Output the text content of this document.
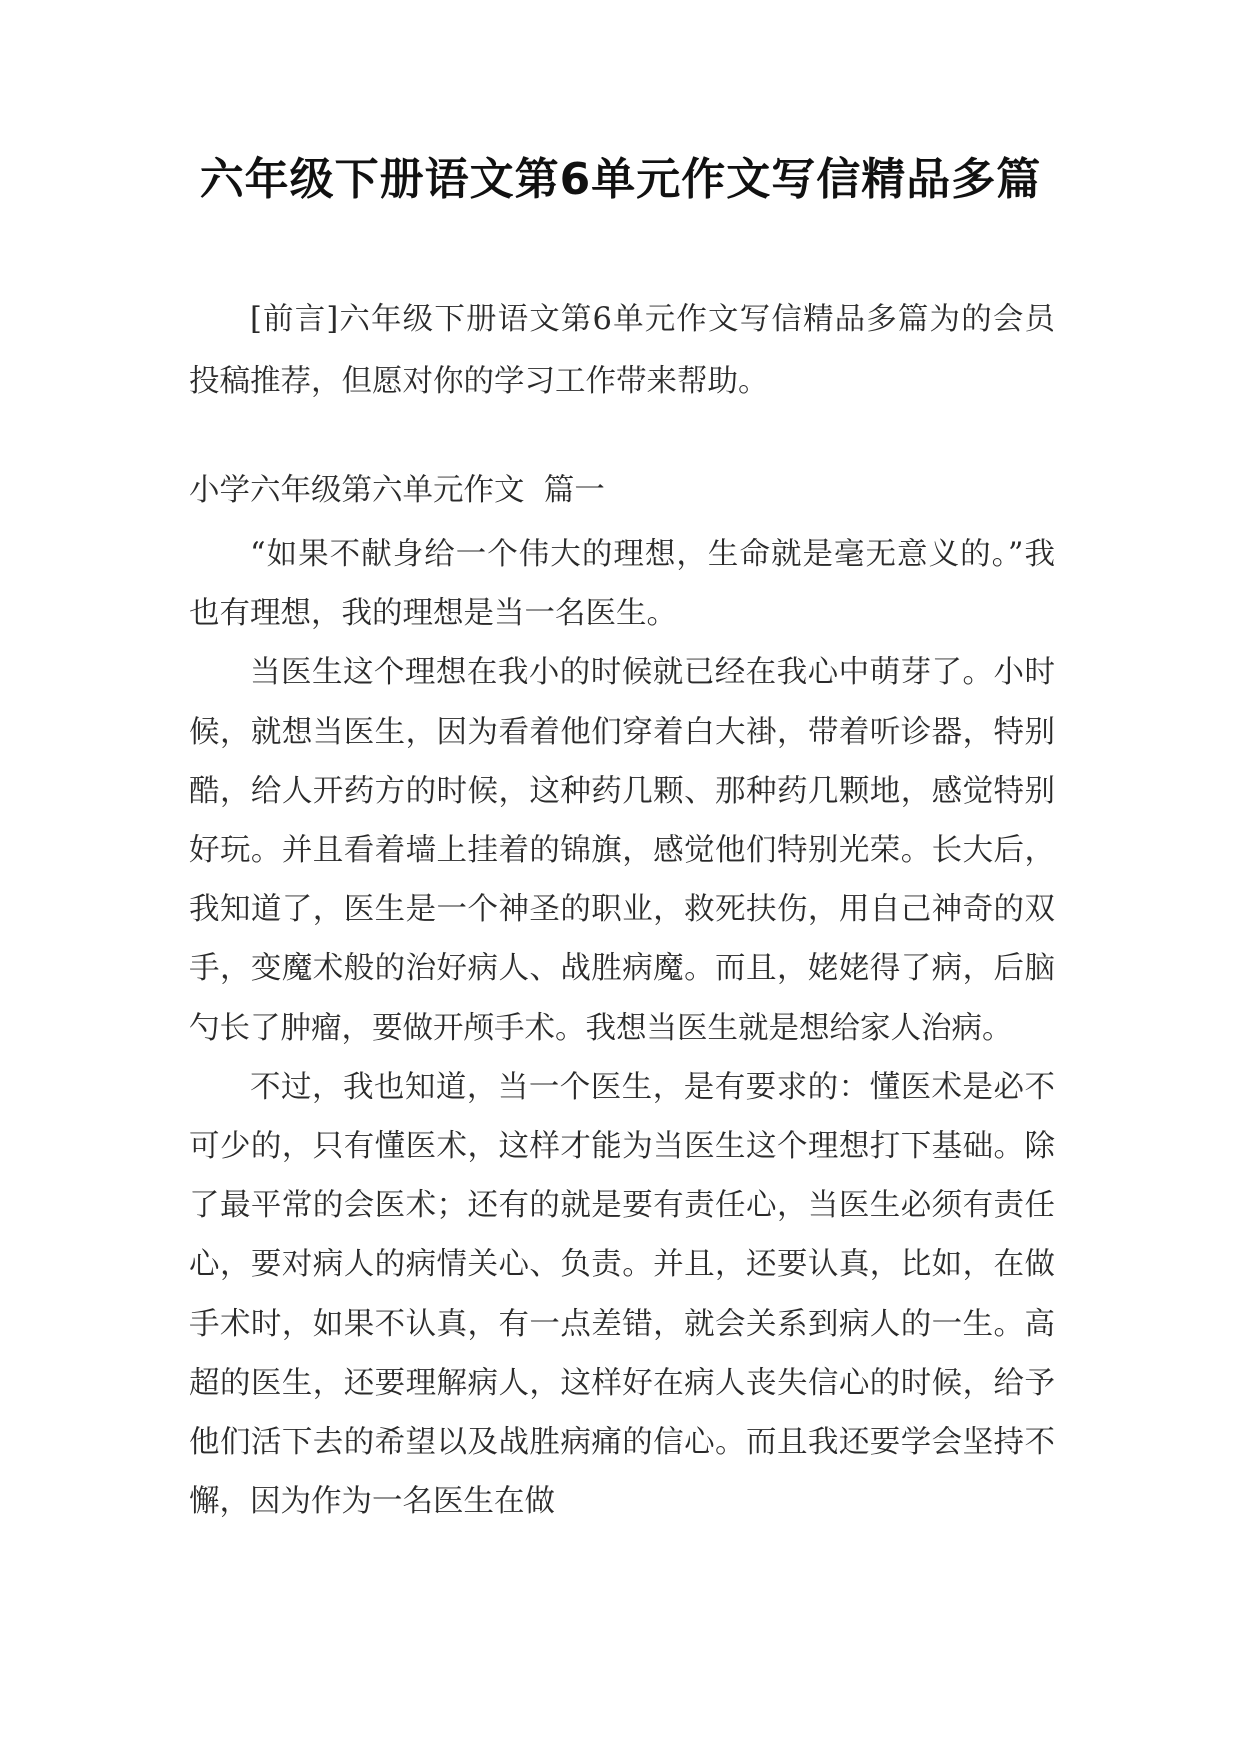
六年级下册语文第6单元作文写信精品多篇

[前言]六年级下册语文第6单元作文写信精品多篇为的会员投稿推荐，但愿对你的学习工作带来帮助。

小学六年级第六单元作文  篇一

“如果不献身给一个伟大的理想，生命就是毫无意义的。”我也有理想，我的理想是当一名医生。

当医生这个理想在我小的时候就已经在我心中萌芽了。小时候，就想当医生，因为看着他们穿着白大褂，带着听诊器，特别酷，给人开药方的时候，这种药几颗、那种药几颗地，感觉特别好玩。并且看着墙上挂着的锦旗，感觉他们特别光荣。长大后，我知道了，医生是一个神圣的职业，救死扶伤，用自己神奇的双手，变魔术般的治好病人、战胜病魔。而且，姥姥得了病，后脑勺长了肿瘤，要做开颅手术。我想当医生就是想给家人治病。

不过，我也知道，当一个医生，是有要求的：懂医术是必不可少的，只有懂医术，这样才能为当医生这个理想打下基础。除了最平常的会医术；还有的就是要有责任心，当医生必须有责任心，要对病人的病情关心、负责。并且，还要认真，比如，在做手术时，如果不认真，有一点差错，就会关系到病人的一生。高超的医生，还要理解病人，这样好在病人丧失信心的时候，给予他们活下去的希望以及战胜病痛的信心。而且我还要学会坚持不懈，因为作为一名医生在做
